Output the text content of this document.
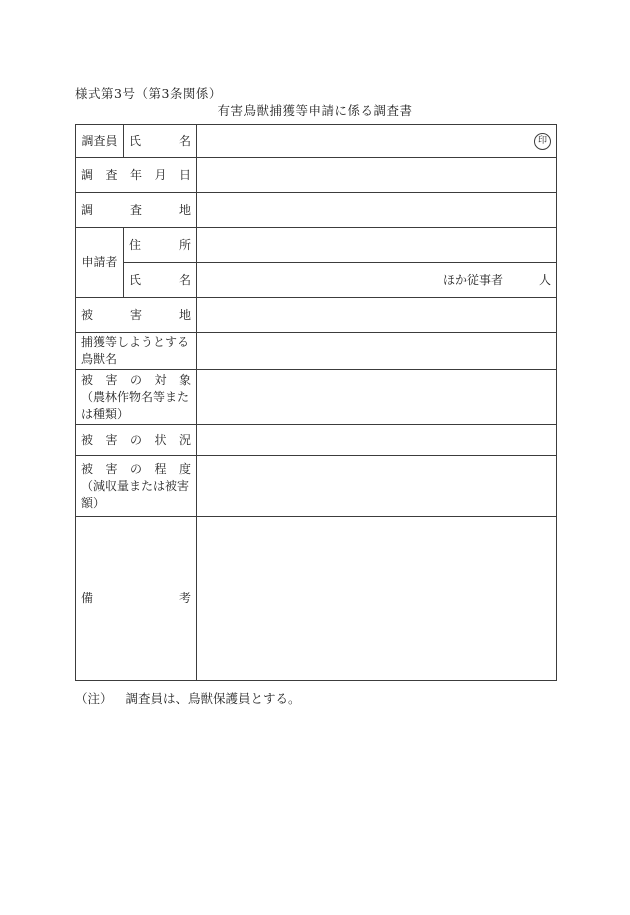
様式第3号（第3条関係）
有害鳥獣捕獲等申請に係る調査書
調査員	氏名	印

調査年月日		
調査地		
申請者	住所	
	氏名	ほか従事者 人
被害地		
捕獲等しようとする鳥獣名		

被害の対象
（農林作物名等または種類）		

被害の状況		

被害の程度
（減収量または被害額）		

備考		
（注） 調査員は、鳥獣保護員とする。
